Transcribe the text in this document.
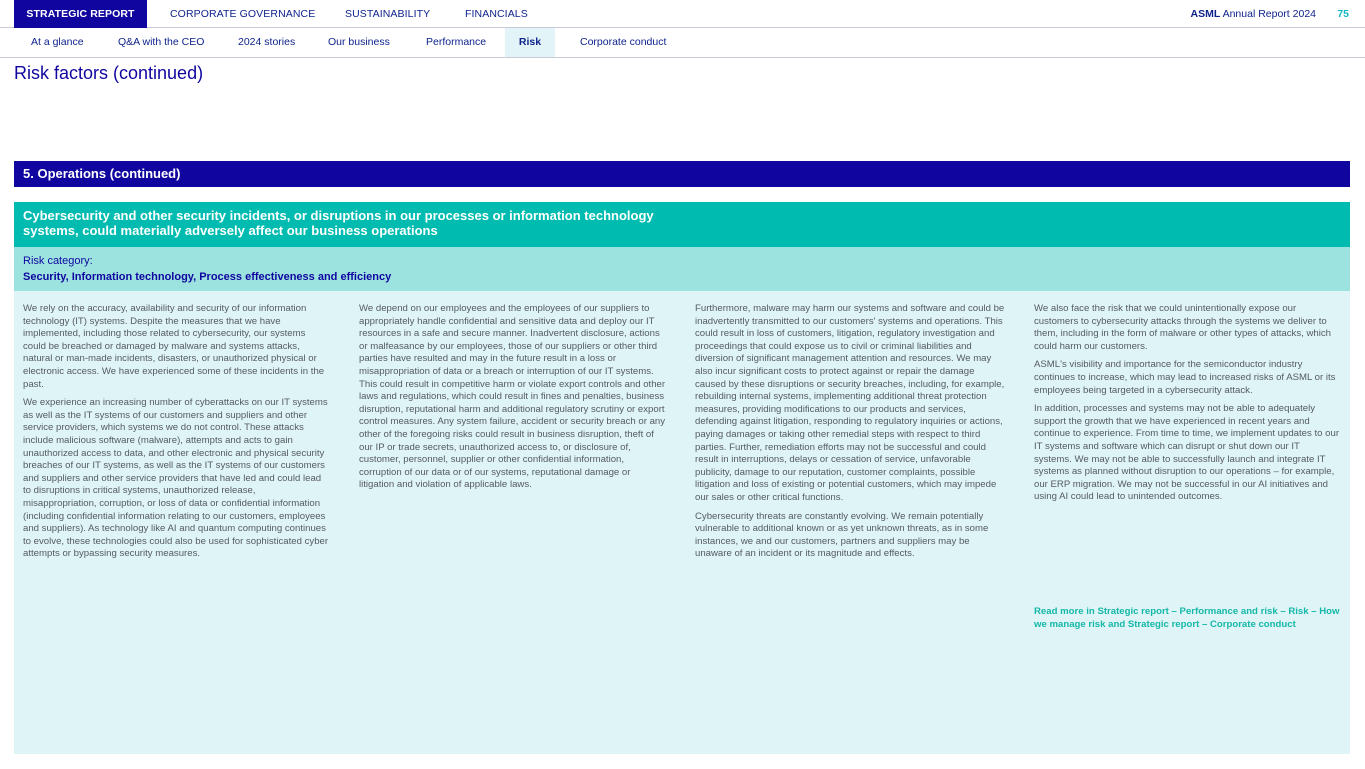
STRATEGIC REPORT	CORPORATE GOVERNANCE	SUSTAINABILITY	FINANCIALS	ASML Annual Report 2024 75
At a glance	Q&A with the CEO	2024 stories	Our business	Performance	Risk	Corporate conduct
Risk factors (continued)
5. Operations (continued)
Cybersecurity and other security incidents, or disruptions in our processes or information technology systems, could materially adversely affect our business operations
Risk category:
Security, Information technology, Process effectiveness and efficiency

We rely on the accuracy, availability and security of our information technology (IT) systems. Despite the measures that we have implemented, including those related to cybersecurity, our systems could be breached or damaged by malware and systems attacks, natural or man-made incidents, disasters, or unauthorized physical or electronic access. We have experienced some of these incidents in the past.

We experience an increasing number of cyberattacks on our IT systems as well as the IT systems of our customers and suppliers and other service providers, which systems we do not control. These attacks include malicious software (malware), attempts and acts to gain unauthorized access to data, and other electronic and physical security breaches of our IT systems, as well as the IT systems of our customers and suppliers and other service providers that have led and could lead to disruptions in critical systems, unauthorized release, misappropriation, corruption, or loss of data or confidential information (including confidential information relating to our customers, employees and suppliers). As technology like AI and quantum computing continues to evolve, these technologies could also be used for sophisticated cyber attempts or bypassing security measures.

We depend on our employees and the employees of our suppliers to appropriately handle confidential and sensitive data and deploy our IT resources in a safe and secure manner. Inadvertent disclosure, actions or malfeasance by our employees, those of our suppliers or other third parties have resulted and may in the future result in a loss or misappropriation of data or a breach or interruption of our IT systems. This could result in competitive harm or violate export controls and other laws and regulations, which could result in fines and penalties, business disruption, reputational harm and additional regulatory scrutiny or export control measures. Any system failure, accident or security breach or any other of the foregoing risks could result in business disruption, theft of our IP or trade secrets, unauthorized access to, or disclosure of, customer, personnel, supplier or other confidential information, corruption of our data or of our systems, reputational damage or litigation and violation of applicable laws.

Furthermore, malware may harm our systems and software and could be inadvertently transmitted to our customers' systems and operations. This could result in loss of customers, litigation, regulatory investigation and proceedings that could expose us to civil or criminal liabilities and diversion of significant management attention and resources. We may also incur significant costs to protect against or repair the damage caused by these disruptions or security breaches, including, for example, rebuilding internal systems, implementing additional threat protection measures, providing modifications to our products and services, defending against litigation, responding to regulatory inquiries or actions, paying damages or taking other remedial steps with respect to third parties. Further, remediation efforts may not be successful and could result in interruptions, delays or cessation of service, unfavorable publicity, damage to our reputation, customer complaints, possible litigation and loss of existing or potential customers, which may impede our sales or other critical functions.

Cybersecurity threats are constantly evolving. We remain potentially vulnerable to additional known or as yet unknown threats, as in some instances, we and our customers, partners and suppliers may be unaware of an incident or its magnitude and effects.

We also face the risk that we could unintentionally expose our customers to cybersecurity attacks through the systems we deliver to them, including in the form of malware or other types of attacks, which could harm our customers.

ASML's visibility and importance for the semiconductor industry continues to increase, which may lead to increased risks of ASML or its employees being targeted in a cybersecurity attack.

In addition, processes and systems may not be able to adequately support the growth that we have experienced in recent years and continue to experience. From time to time, we implement updates to our IT systems and software which can disrupt or shut down our IT systems. We may not be able to successfully launch and integrate IT systems as planned without disruption to our operations – for example, our ERP migration. We may not be successful in our AI initiatives and using AI could lead to unintended outcomes.

Read more in Strategic report – Performance and risk – Risk – How we manage risk and Strategic report – Corporate conduct
